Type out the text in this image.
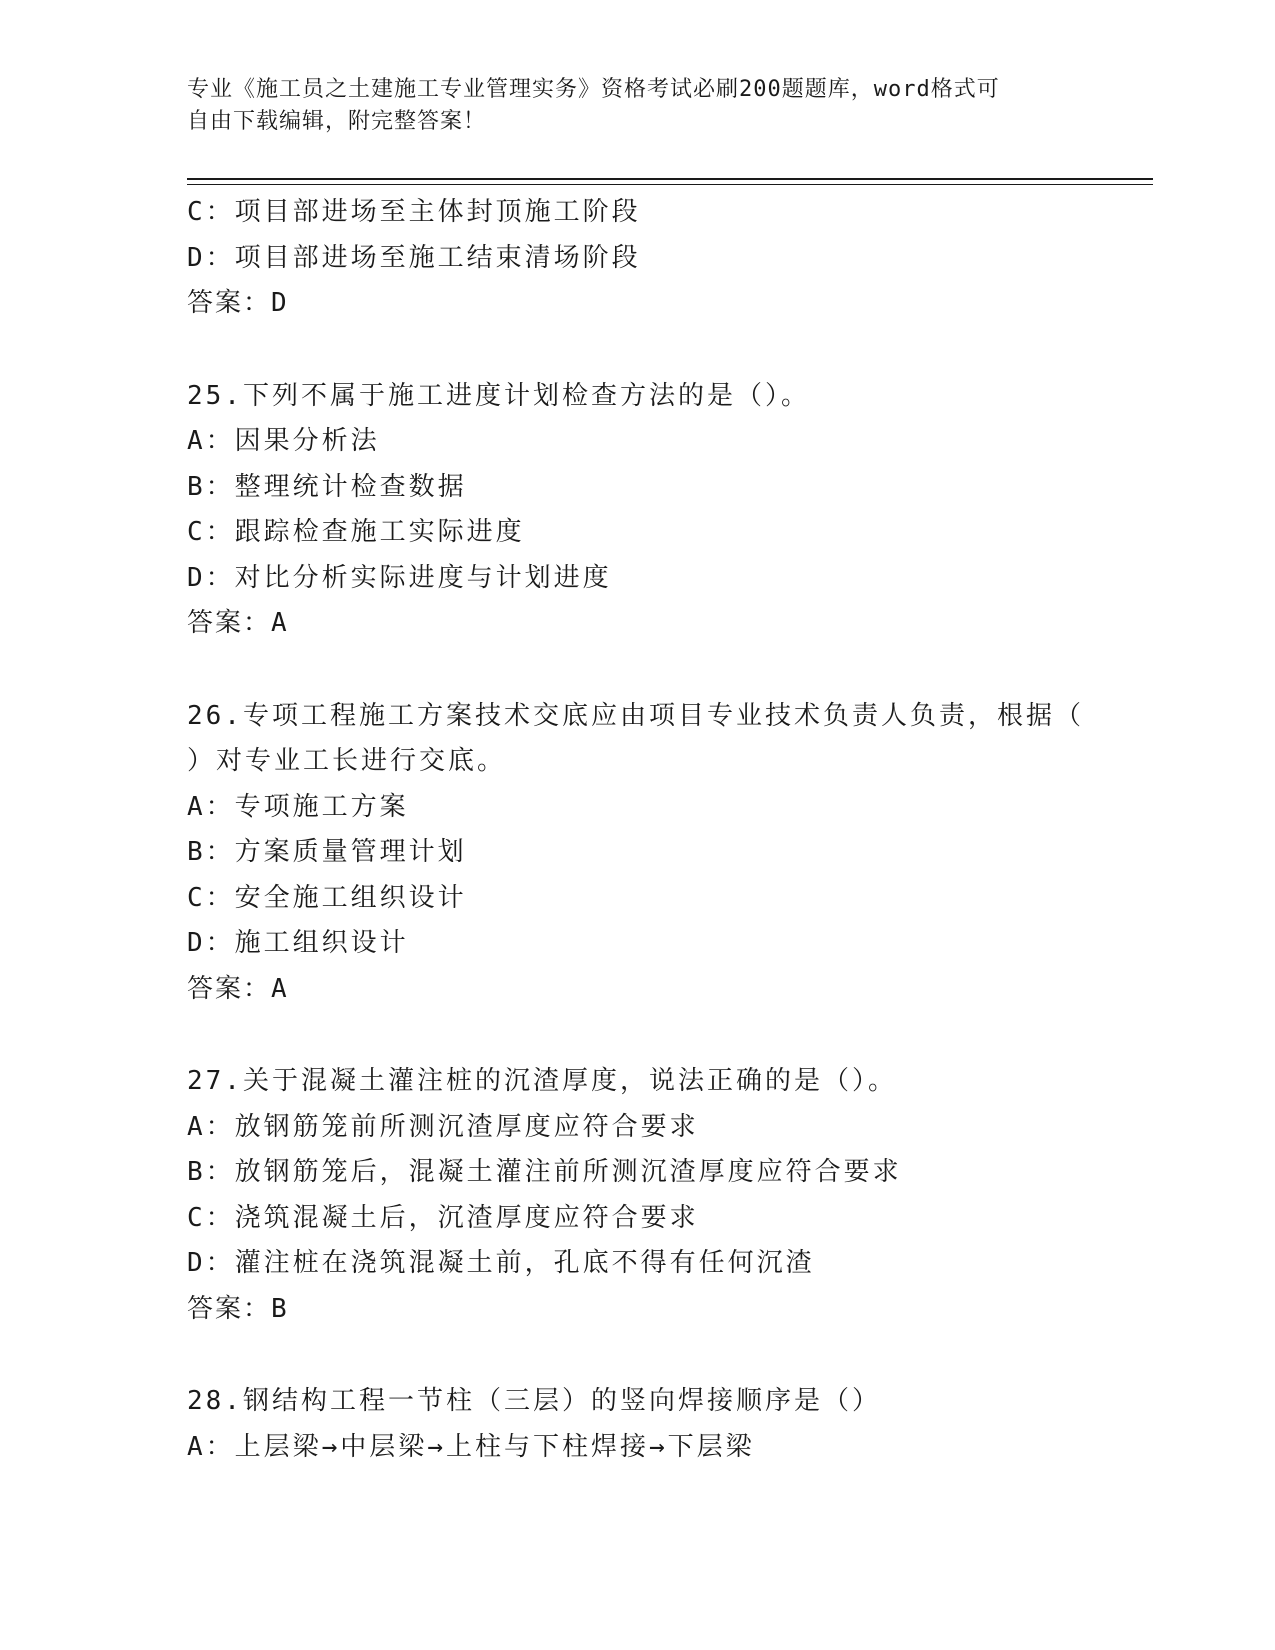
专业《施工员之土建施工专业管理实务》资格考试必刷200题题库，word格式可
自由下载编辑，附完整答案！
C：项目部进场至主体封顶施工阶段
D：项目部进场至施工结束清场阶段
答案：D
25.下列不属于施工进度计划检查方法的是（）。
A：因果分析法
B：整理统计检查数据
C：跟踪检查施工实际进度
D：对比分析实际进度与计划进度
答案：A
26.专项工程施工方案技术交底应由项目专业技术负责人负责，根据（
）对专业工长进行交底。
A：专项施工方案
B：方案质量管理计划
C：安全施工组织设计
D：施工组织设计
答案：A
27.关于混凝土灌注桩的沉渣厚度，说法正确的是（）。
A：放钢筋笼前所测沉渣厚度应符合要求
B：放钢筋笼后，混凝土灌注前所测沉渣厚度应符合要求
C：浇筑混凝土后，沉渣厚度应符合要求
D：灌注桩在浇筑混凝土前，孔底不得有任何沉渣
答案：B
28.钢结构工程一节柱（三层）的竖向焊接顺序是（）
A：上层梁→中层梁→上柱与下柱焊接→下层梁
